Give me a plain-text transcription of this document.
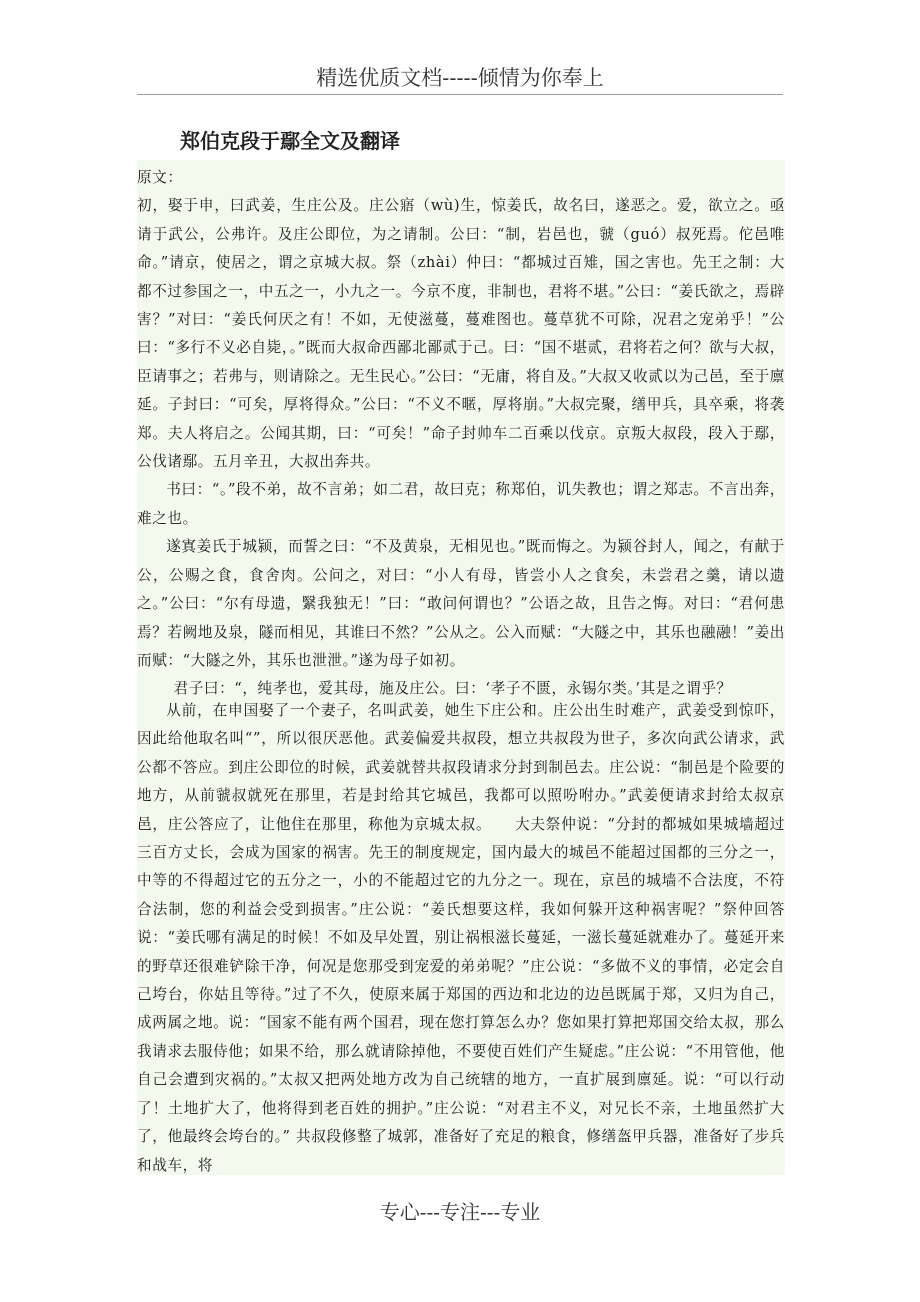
精选优质文档-----倾情为你奉上
郑伯克段于鄢全文及翻译

原文：

初，娶于申，曰武姜，生庄公及。庄公寤（wù)生，惊姜氏，故名曰，遂恶之。爱，欲立之。亟请于武公，公弗许。及庄公即位，为之请制。公曰：“制，岩邑也，虢（guó）叔死焉。佗邑唯命。”请京，使居之，谓之京城大叔。祭（zhài）仲曰：“都城过百雉，国之害也。先王之制：大都不过参国之一，中五之一，小九之一。今京不度，非制也，君将不堪。”公曰：“姜氏欲之，焉辟害？”对曰：“姜氏何厌之有！不如，无使滋蔓，蔓难图也。蔓草犹不可除，况君之宠弟乎！”公曰：“多行不义必自毙，。”既而大叔命西鄙北鄙贰于己。曰：“国不堪贰，君将若之何？欲与大叔，臣请事之；若弗与，则请除之。无生民心。”公曰：“无庸，将自及。”大叔又收贰以为己邑，至于廪延。子封曰：“可矣，厚将得众。”公曰：“不义不暱，厚将崩。”大叔完聚，缮甲兵，具卒乘，将袭郑。夫人将启之。公闻其期，曰：“可矣！”命子封帅车二百乘以伐京。京叛大叔段，段入于鄢，公伐诸鄢。五月辛丑，大叔出奔共。

书曰：“。”段不弟，故不言弟；如二君，故曰克；称郑伯，讥失教也；谓之郑志。不言出奔，难之也。

遂寘姜氏于城颍，而誓之曰：“不及黄泉，无相见也。”既而悔之。为颍谷封人，闻之，有献于公，公赐之食，食舍肉。公问之，对曰：“小人有母，皆尝小人之食矣，未尝君之羹，请以遗之。”公曰：“尔有母遗，繄我独无！”曰：“敢问何谓也？”公语之故，且告之悔。对曰：“君何患焉？若阙地及泉，隧而相见，其谁曰不然？”公从之。公入而赋：“大隧之中，其乐也融融！”姜出而赋：“大隧之外，其乐也泄泄。”遂为母子如初。

君子曰：“，纯孝也，爱其母，施及庄公。曰：‘孝子不匮，永锡尔类。’其是之谓乎？

从前，在申国娶了一个妻子，名叫武姜，她生下庄公和。庄公出生时难产，武姜受到惊吓，因此给他取名叫“”，所以很厌恶他。武姜偏爱共叔段，想立共叔段为世子，多次向武公请求，武公都不答应。到庄公即位的时候，武姜就替共叔段请求分封到制邑去。庄公说：“制邑是个险要的地方，从前虢叔就死在那里，若是封给其它城邑，我都可以照吩咐办。”武姜便请求封给太叔京邑，庄公答应了，让他住在那里，称他为京城太叔。　　大夫祭仲说：“分封的都城如果城墙超过三百方丈长，会成为国家的祸害。先王的制度规定，国内最大的城邑不能超过国都的三分之一，中等的不得超过它的五分之一，小的不能超过它的九分之一。现在，京邑的城墙不合法度，不符合法制，您的利益会受到损害。”庄公说：“姜氏想要这样，我如何躲开这种祸害呢？”祭仲回答说：“姜氏哪有满足的时候！不如及早处置，别让祸根滋长蔓延，一滋长蔓延就难办了。蔓延开来的野草还很难铲除干净，何况是您那受到宠爱的弟弟呢？”庄公说：“多做不义的事情，必定会自己垮台，你姑且等待。”过了不久，使原来属于郑国的西边和北边的边邑既属于郑，又归为自己，成两属之地。说：“国家不能有两个国君，现在您打算怎么办？您如果打算把郑国交给太叔，那么我请求去服侍他；如果不给，那么就请除掉他，不要使百姓们产生疑虑。”庄公说：“不用管他，他自己会遭到灾祸的。”太叔又把两处地方改为自己统辖的地方，一直扩展到廪延。说：“可以行动了！土地扩大了，他将得到老百姓的拥护。”庄公说：“对君主不义，对兄长不亲，土地虽然扩大了，他最终会垮台的。” 共叔段修整了城郭，准备好了充足的粮食，修缮盔甲兵器，准备好了步兵和战车，将

专心---专注---专业
